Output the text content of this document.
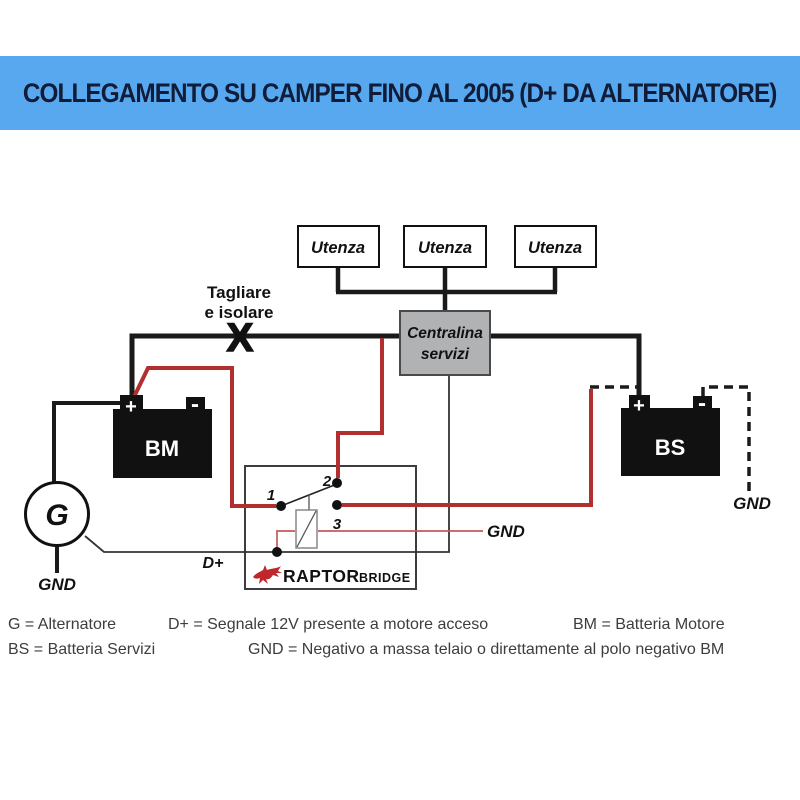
COLLEGAMENTO SU CAMPER FINO AL 2005 (D+ DA ALTERNATORE)
Centralina
servizi
Utenza	Utenza	Utenza
+ -
BM
+ -
BS
G
Tagliare
e isolare
X
GND
D+
GND
GND
1
2
3
RAPTOR BRIDGE
G = Alternatore	D+ = Segnale 12V presente a motore acceso	BM = Batteria Motore
BS = Batteria Servizi	GND = Negativo a massa telaio o direttamente al polo negativo BM
